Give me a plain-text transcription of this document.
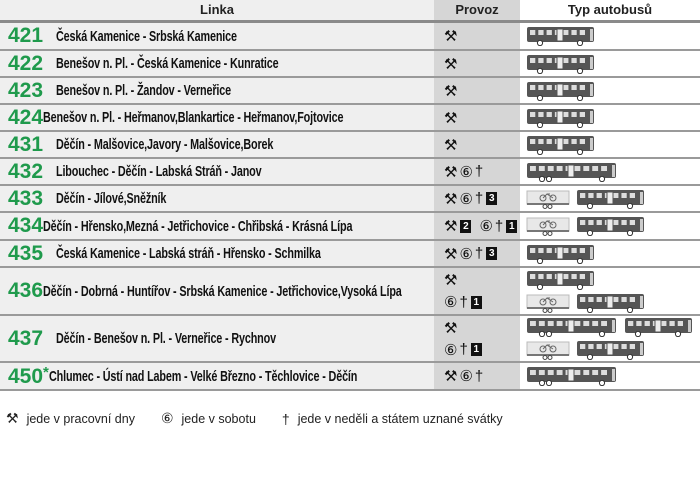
Linka	Provoz	Typ autobusů
421 Česká Kamenice - Srbská Kamenice	⚒
422 Benešov n. Pl. - Česká Kamenice - Kunratice	⚒
423 Benešov n. Pl. - Žandov - Verneřice	⚒
424 Benešov n. Pl. - Heřmanov,Blankartice - Heřmanov,Fojtovice	⚒
431 Děčín - Malšovice,Javory - Malšovice,Borek	⚒
432 Libouchec - Děčín - Labská Stráň - Janov	⚒ ⑥ †
433 Děčín - Jílové,Sněžník	⚒ ⑥ † 3
434 Děčín - Hřensko,Mezná - Jetřichovice - Chřibská - Krásná Lípa	⚒ 2 ⑥ † 1
435 Česká Kamenice - Labská stráň - Hřensko - Schmilka	⚒ ⑥ † 3
436 Děčín - Dobrná - Huntířov - Srbská Kamenice - Jetřichovice,Vysoká Lípa
⚒
⑥ † 1
437 Děčín - Benešov n. Pl. - Verneřice - Rychnov
⚒
⑥ † 1
450* Chlumec - Ústí nad Labem - Velké Březno - Těchlovice - Děčín	⚒ ⑥ †
⚒ jede v pracovní dny ⑥ jede v sobotu † jede v neděli a státem uznané svátky
